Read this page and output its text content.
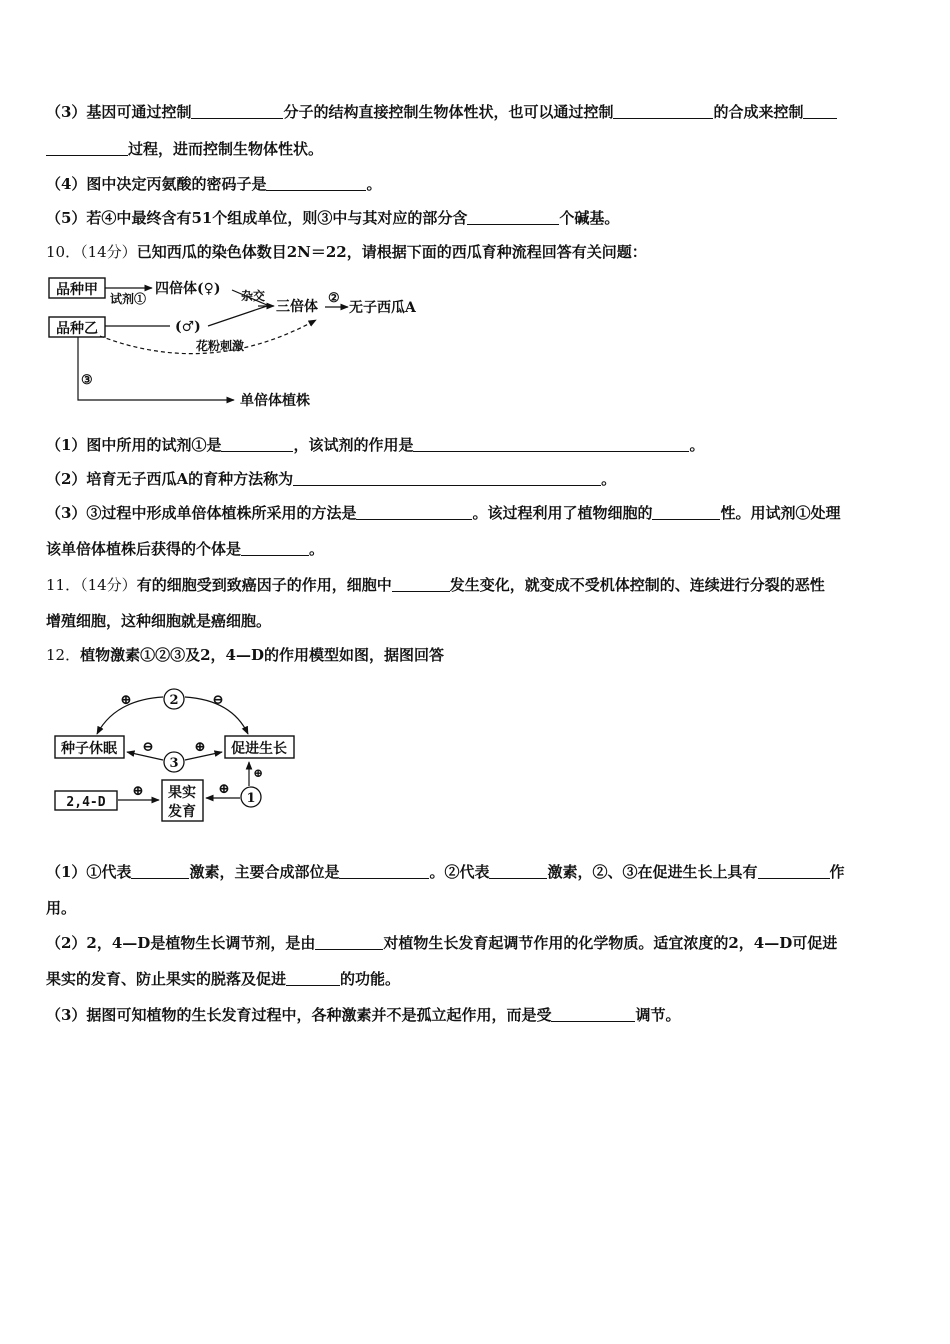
（3）基因可通过控制	分子的结构直接控制生物体性状，也可以通过控制	的合成来控制
过程，进而控制生物体性状。
（4）图中决定丙氨酸的密码子是	。
（5）若④中最终含有51个组成单位，则③中与其对应的部分含	个碱基。
10．（14分）已知西瓜的染色体数目2N＝22，请根据下面的西瓜育种流程回答有关问题：
品种甲
品种乙
试剂①
四倍体(♀)
(♂)
杂交
三倍体
②
无子西瓜A
花粉刺激
③
单倍体植株
2
3
1
种子休眠	促进生长
果实
发育
2,4-D
⊕	⊖
⊖	⊕
⊕
⊕
⊕
（1）图中所用的试剂①是	，该试剂的作用是	。
（2）培育无子西瓜A的育种方法称为	。
（3）③过程中形成单倍体植株所采用的方法是	。该过程利用了植物细胞的	性。用试剂①处理
该单倍体植株后获得的个体是	。
11．（14分）有的细胞受到致癌因子的作用，细胞中	发生变化，就变成不受机体控制的、连续进行分裂的恶性
增殖细胞，这种细胞就是癌细胞。
12．植物激素①②③及2，4—D的作用模型如图，据图回答
（1）①代表	激素，主要合成部位是	。②代表	激素，②、③在促进生长上具有	作
用。
（2）2，4—D是植物生长调节剂，是由	对植物生长发育起调节作用的化学物质。适宜浓度的2，4—D可促进
果实的发育、防止果实的脱落及促进	的功能。
（3）据图可知植物的生长发育过程中，各种激素并不是孤立起作用，而是受	调节。
